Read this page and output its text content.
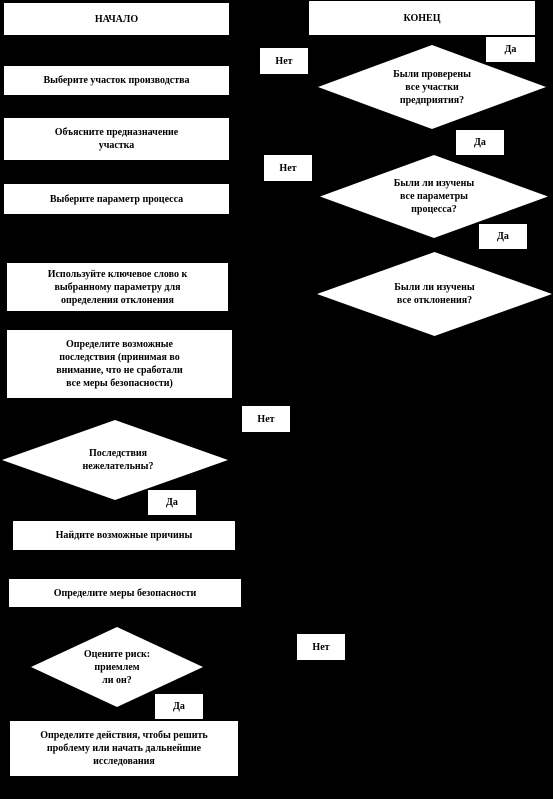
НАЧАЛО	КОНЕЦ
Выберите участок производства
Объясните предназначение
участка
Выберите параметр процесса
Используйте ключевое слово к
выбранному параметру для
определения отклонения
Определите возможные
последствия (принимая во
внимание, что не сработали
все меры безопасности)
Найдите возможные причины
Определите меры безопасности
Определите действия, чтобы решить
проблему или начать дальнейшие
исследования
Были проверены
все участки
предприятия?
Были ли изучены
все параметры
процесса?
Были ли изучены
все отклонения?
Последствия
нежелательны?
Оцените риск:
приемлем
ли он?
Нет
Да
Да
Нет
Да
Нет
Да
Нет
Да
